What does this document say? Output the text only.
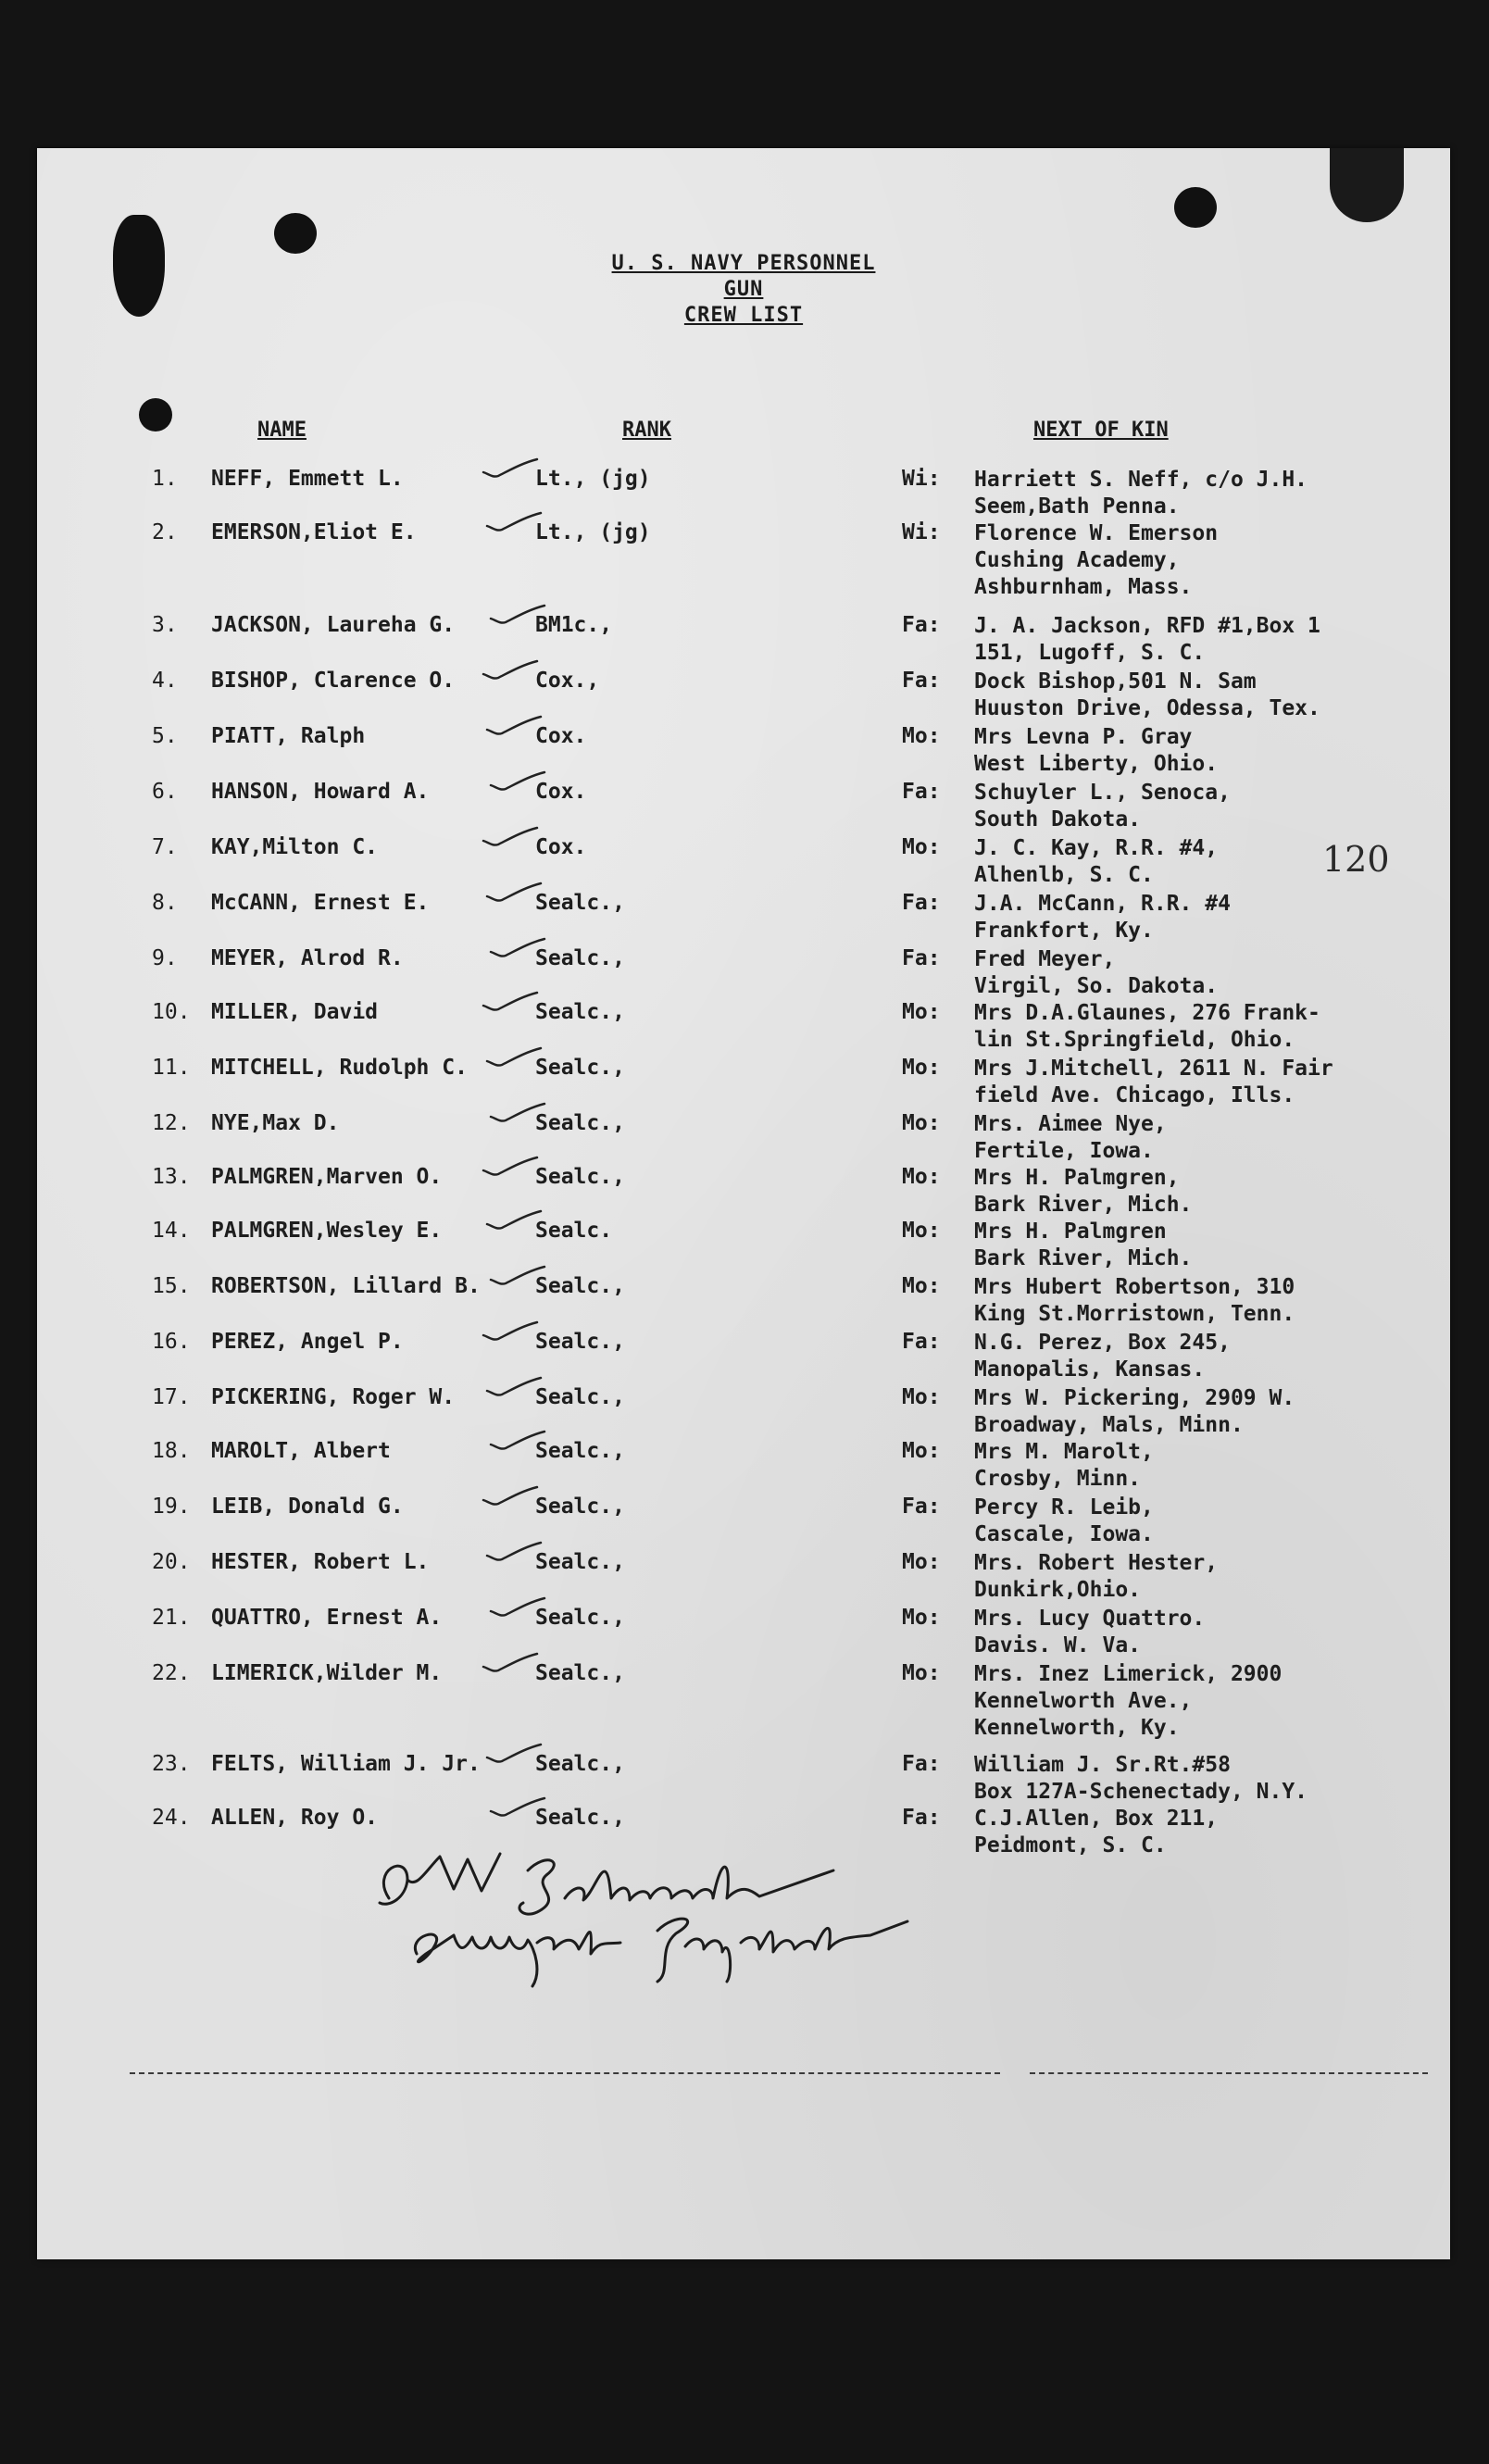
U. S. NAVY PERSONNEL
GUN
CREW LIST
NAME	RANK	NEXT OF KIN
1. NEFF, Emmett L.	Lt., (jg)	Wi: Harriett S. Neff, c/o J.H.
Seem,Bath Penna.
2. EMERSON,Eliot E.	Lt., (jg)	Wi: Florence W. Emerson
Cushing Academy,
Ashburnham, Mass.
3. JACKSON, Laureha G.	BM1c.,	Fa: J. A. Jackson, RFD #1,Box 1
151, Lugoff, S. C.
4. BISHOP, Clarence O.	Cox.,	Fa: Dock Bishop,501 N. Sam
Huuston Drive, Odessa, Tex.
5. PIATT, Ralph	Cox.	Mo: Mrs Levna P. Gray
West Liberty, Ohio.
6. HANSON, Howard A.	Cox.	Fa: Schuyler L., Senoca,
South Dakota.
7. KAY,Milton C.	Cox.	Mo: J. C. Kay, R.R. #4,
Alhenlb, S. C.
8. McCANN, Ernest E.	Sealc.,	Fa: J.A. McCann, R.R. #4
Frankfort, Ky.
9. MEYER, Alrod R.	Sealc.,	Fa: Fred Meyer,
Virgil, So. Dakota.
10. MILLER, David	Sealc.,	Mo: Mrs D.A.Glaunes, 276 Frank-
lin St.Springfield, Ohio.
11. MITCHELL, Rudolph C.	Sealc.,	Mo: Mrs J.Mitchell, 2611 N. Fair
field Ave. Chicago, Ills.
12. NYE,Max D.	Sealc.,	Mo: Mrs. Aimee Nye,
Fertile, Iowa.
13. PALMGREN,Marven O.	Sealc.,	Mo: Mrs H. Palmgren,
Bark River, Mich.
14. PALMGREN,Wesley E.	Sealc.	Mo: Mrs H. Palmgren
Bark River, Mich.
15. ROBERTSON, Lillard B.	Sealc.,	Mo: Mrs Hubert Robertson, 310
King St.Morristown, Tenn.
16. PEREZ, Angel P.	Sealc.,	Fa: N.G. Perez, Box 245,
Manopalis, Kansas.
17. PICKERING, Roger W.	Sealc.,	Mo: Mrs W. Pickering, 2909 W.
Broadway, Mals, Minn.
18. MAROLT, Albert	Sealc.,	Mo: Mrs M. Marolt,
Crosby, Minn.
19. LEIB, Donald G.	Sealc.,	Fa: Percy R. Leib,
Cascale, Iowa.
20. HESTER, Robert L.	Sealc.,	Mo: Mrs. Robert Hester,
Dunkirk,Ohio.
21. QUATTRO, Ernest A.	Sealc.,	Mo: Mrs. Lucy Quattro.
Davis. W. Va.
22. LIMERICK,Wilder M.	Sealc.,	Mo: Mrs. Inez Limerick, 2900
Kennelworth Ave.,
Kennelworth, Ky.
23. FELTS, William J. Jr.	Sealc.,	Fa: William J. Sr.Rt.#58
Box 127A-Schenectady, N.Y.
24. ALLEN, Roy O.	Sealc.,	Fa: C.J.Allen, Box 211,
Peidmont, S. C.
120
